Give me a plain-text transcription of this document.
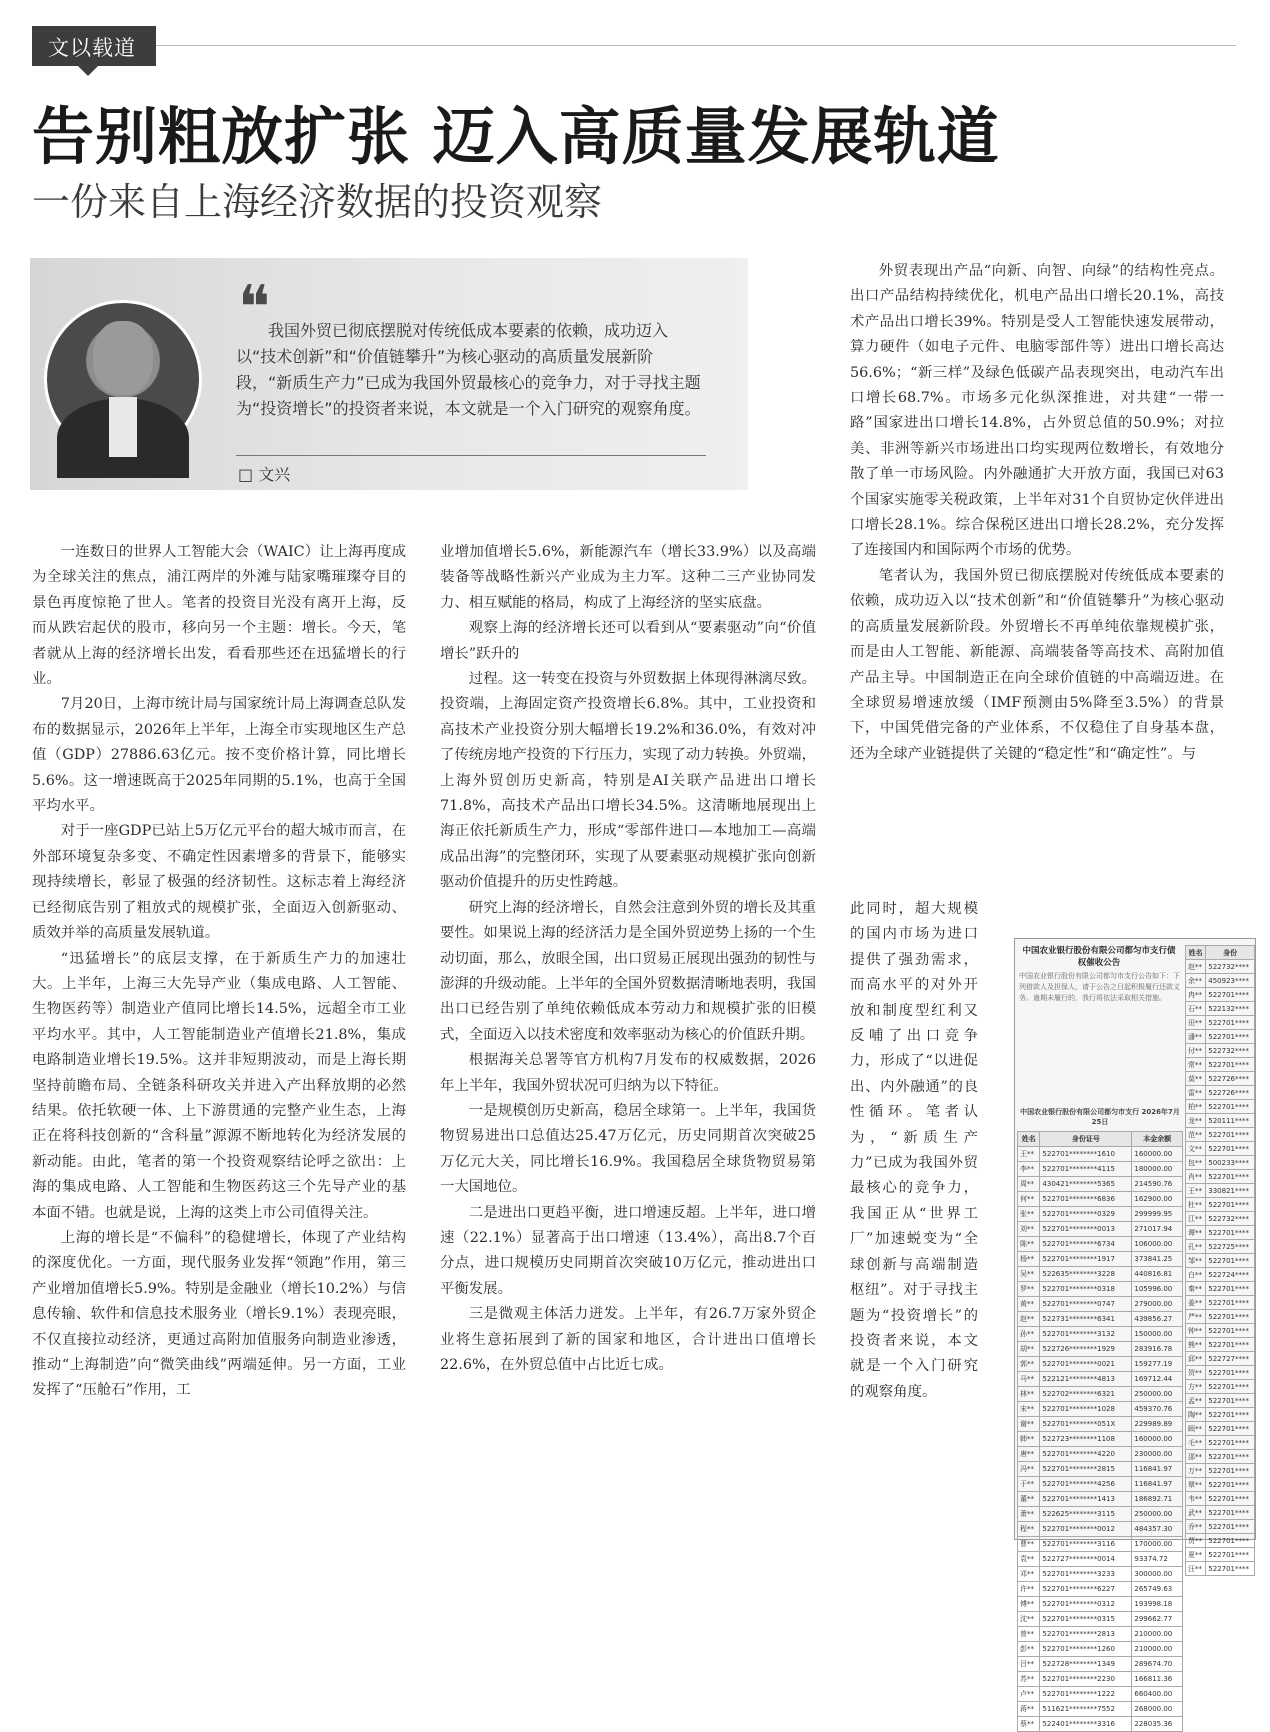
文以载道
告别粗放扩张 迈入高质量发展轨道
一份来自上海经济数据的投资观察
❝
我国外贸已彻底摆脱对传统低成本要素的依赖，成功迈入以“技术创新”和“价值链攀升”为核心驱动的高质量发展新阶段，“新质生产力”已成为我国外贸最核心的竞争力，对于寻找主题为“投资增长”的投资者来说，本文就是一个入门研究的观察角度。
□ 文兴

一连数日的世界人工智能大会（WAIC）让上海再度成为全球关注的焦点，浦江两岸的外滩与陆家嘴璀璨夺目的景色再度惊艳了世人。笔者的投资目光没有离开上海，反而从跌宕起伏的股市，移向另一个主题：增长。今天，笔者就从上海的经济增长出发，看看那些还在迅猛增长的行业。

7月20日，上海市统计局与国家统计局上海调查总队发布的数据显示，2026年上半年，上海全市实现地区生产总值（GDP）27886.63亿元。按不变价格计算，同比增长5.6%。这一增速既高于2025年同期的5.1%，也高于全国平均水平。

对于一座GDP已站上5万亿元平台的超大城市而言，在外部环境复杂多变、不确定性因素增多的背景下，能够实现持续增长，彰显了极强的经济韧性。这标志着上海经济已经彻底告别了粗放式的规模扩张，全面迈入创新驱动、质效并举的高质量发展轨道。

“迅猛增长”的底层支撑，在于新质生产力的加速壮大。上半年，上海三大先导产业（集成电路、人工智能、生物医药等）制造业产值同比增长14.5%，远超全市工业平均水平。其中，人工智能制造业产值增长21.8%，集成电路制造业增长19.5%。这并非短期波动，而是上海长期坚持前瞻布局、全链条科研攻关并进入产出释放期的必然结果。依托软硬一体、上下游贯通的完整产业生态，上海正在将科技创新的“含科量”源源不断地转化为经济发展的新动能。由此，笔者的第一个投资观察结论呼之欲出：上海的集成电路、人工智能和生物医药这三个先导产业的基本面不错。也就是说，上海的这类上市公司值得关注。

上海的增长是“不偏科”的稳健增长，体现了产业结构的深度优化。一方面，现代服务业发挥“领跑”作用，第三产业增加值增长5.9%。特别是金融业（增长10.2%）与信息传输、软件和信息技术服务业（增长9.1%）表现亮眼，不仅直接拉动经济，更通过高附加值服务向制造业渗透，推动“上海制造”向“微笑曲线”两端延伸。另一方面，工业发挥了“压舱石”作用，工

业增加值增长5.6%，新能源汽车（增长33.9%）以及高端装备等战略性新兴产业成为主力军。这种二三产业协同发力、相互赋能的格局，构成了上海经济的坚实底盘。

观察上海的经济增长还可以看到从“要素驱动”向“价值增长”跃升的

过程。这一转变在投资与外贸数据上体现得淋漓尽致。投资端，上海固定资产投资增长6.8%。其中，工业投资和高技术产业投资分别大幅增长19.2%和36.0%，有效对冲了传统房地产投资的下行压力，实现了动力转换。外贸端，上海外贸创历史新高，特别是AI关联产品进出口增长71.8%，高技术产品出口增长34.5%。这清晰地展现出上海正依托新质生产力，形成“零部件进口—本地加工—高端成品出海”的完整闭环，实现了从要素驱动规模扩张向创新驱动价值提升的历史性跨越。

研究上海的经济增长，自然会注意到外贸的增长及其重要性。如果说上海的经济活力是全国外贸逆势上扬的一个生动切面，那么，放眼全国，出口贸易正展现出强劲的韧性与澎湃的升级动能。上半年的全国外贸数据清晰地表明，我国出口已经告别了单纯依赖低成本劳动力和规模扩张的旧模式，全面迈入以技术密度和效率驱动为核心的价值跃升期。

根据海关总署等官方机构7月发布的权威数据，2026年上半年，我国外贸状况可归纳为以下特征。

一是规模创历史新高，稳居全球第一。上半年，我国货物贸易进出口总值达25.47万亿元，历史同期首次突破25万亿元大关，同比增长16.9%。我国稳居全球货物贸易第一大国地位。

二是进出口更趋平衡，进口增速反超。上半年，进口增速（22.1%）显著高于出口增速（13.4%），高出8.7个百分点，进口规模历史同期首次突破10万亿元，推动进出口平衡发展。

三是微观主体活力迸发。上半年，有26.7万家外贸企业将生意拓展到了新的国家和地区，合计进出口值增长22.6%，在外贸总值中占比近七成。

外贸表现出产品“向新、向智、向绿”的结构性亮点。出口产品结构持续优化，机电产品出口增长20.1%，高技术产品出口增长39%。特别是受人工智能快速发展带动，算力硬件（如电子元件、电脑零部件等）进出口增长高达56.6%；“新三样”及绿色低碳产品表现突出，电动汽车出口增长68.7%。市场多元化纵深推进，对共建“一带一路”国家进出口增长14.8%，占外贸总值的50.9%；对拉美、非洲等新兴市场进出口均实现两位数增长，有效地分散了单一市场风险。内外融通扩大开放方面，我国已对63个国家实施零关税政策，上半年对31个自贸协定伙伴进出口增长28.1%。综合保税区进出口增长28.2%，充分发挥了连接国内和国际两个市场的优势。

笔者认为，我国外贸已彻底摆脱对传统低成本要素的依赖，成功迈入以“技术创新”和“价值链攀升”为核心驱动的高质量发展新阶段。外贸增长不再单纯依靠规模扩张，而是由人工智能、新能源、高端装备等高技术、高附加值产品主导。中国制造正在向全球价值链的中高端迈进。在全球贸易增速放缓（IMF预测由5%降至3.5%）的背景下，中国凭借完备的产业体系，不仅稳住了自身基本盘，还为全球产业链提供了关键的“稳定性”和“确定性”。与

此同时，超大规模的国内市场为进口提供了强劲需求，而高水平的对外开放和制度型红利又反哺了出口竞争力，形成了“以进促出、内外融通”的良性循环。笔者认为，“新质生产力”已成为我国外贸最核心的竞争力，我国正从“世界工厂”加速蜕变为“全球创新与高端制造枢纽”。对于寻找主题为“投资增长”的投资者来说，本文就是一个入门研究的观察角度。

中国农业银行股份有限公司都匀市支行债权催收公告
中国农业银行股份有限公司都匀市支行公告如下：下列借款人及担保人，请于公告之日起积极履行还款义务。逾期未履行的，我行将依法采取相关措施。
中国农业银行股份有限公司都匀市支行 2026年7月25日
姓名	身份证号	本金余额
王**	522701********1610	160000.00
李**	522701********4115	180000.00
周**	430421********5365	214590.76
何**	522701********6836	162900.00
张**	522701********0329	299999.95
刘**	522701********0013	271017.94
陈**	522701********6734	106000.00
杨**	522701********1917	373841.25
吴**	522635********3228	440816.81
罗**	522701********0318	105996.00
黄**	522701********0747	279000.00
赵**	522731********6341	439856.27
孙**	522701********3132	150000.00
胡**	522726********1929	283916.78
郭**	522701********0021	159277.19
马**	522121********4813	169712.44
林**	522702********6321	250000.00
宋**	522701********1028	459370.76
谢**	522701********051X	229989.89
韩**	522723********1108	160000.00
唐**	522701********4220	230000.00
冯**	522701********2815	116841.97
于**	522701********4256	116841.97
董**	522701********1413	186892.71
萧**	522625********3115	250000.00
程**	522701********0012	484357.30
曹**	522701********3116	170000.00
袁**	522727********0014	93374.72
邓**	522701********3233	300000.00
许**	522701********6227	265749.63
傅**	522701********0312	193998.18
沈**	522701********0315	299662.77
曾**	522701********2813	210000.00
彭**	522701********1260	210000.00
吕**	522728********1349	289674.70
苏**	522701********2230	166811.36
卢**	522701********1222	660400.00
蒋**	511621********7552	268000.00
蔡**	522401********3316	228035.36
姓名	身份
赵**	522732****
余**	450923****
冉**	522701****
石**	522132****
田**	522701****
潘**	522701****
付**	522732****
常**	522701****
莫**	522726****
雷**	522726****
柏**	522701****
龙**	520111****
范**	522701****
文**	522701****
包**	500233****
肖**	522701****
王**	330821****
杜**	522701****
江**	522732****
谭**	522701****
孔**	522725****
邹**	522701****
白**	522724****
秦**	522701****
姜**	522701****
严**	522701****
钟**	522701****
熊**	522701****
邱**	522727****
贺**	522701****
方**	522701****
孟**	522701****
陶**	522701****
顾**	522701****
毛**	522701****
邵**	522701****
万**	522701****
覃**	522701****
韦**	522701****
武**	522701****
乔**	522701****
贾**	522701****
夏**	522701****
汪**	522701****
